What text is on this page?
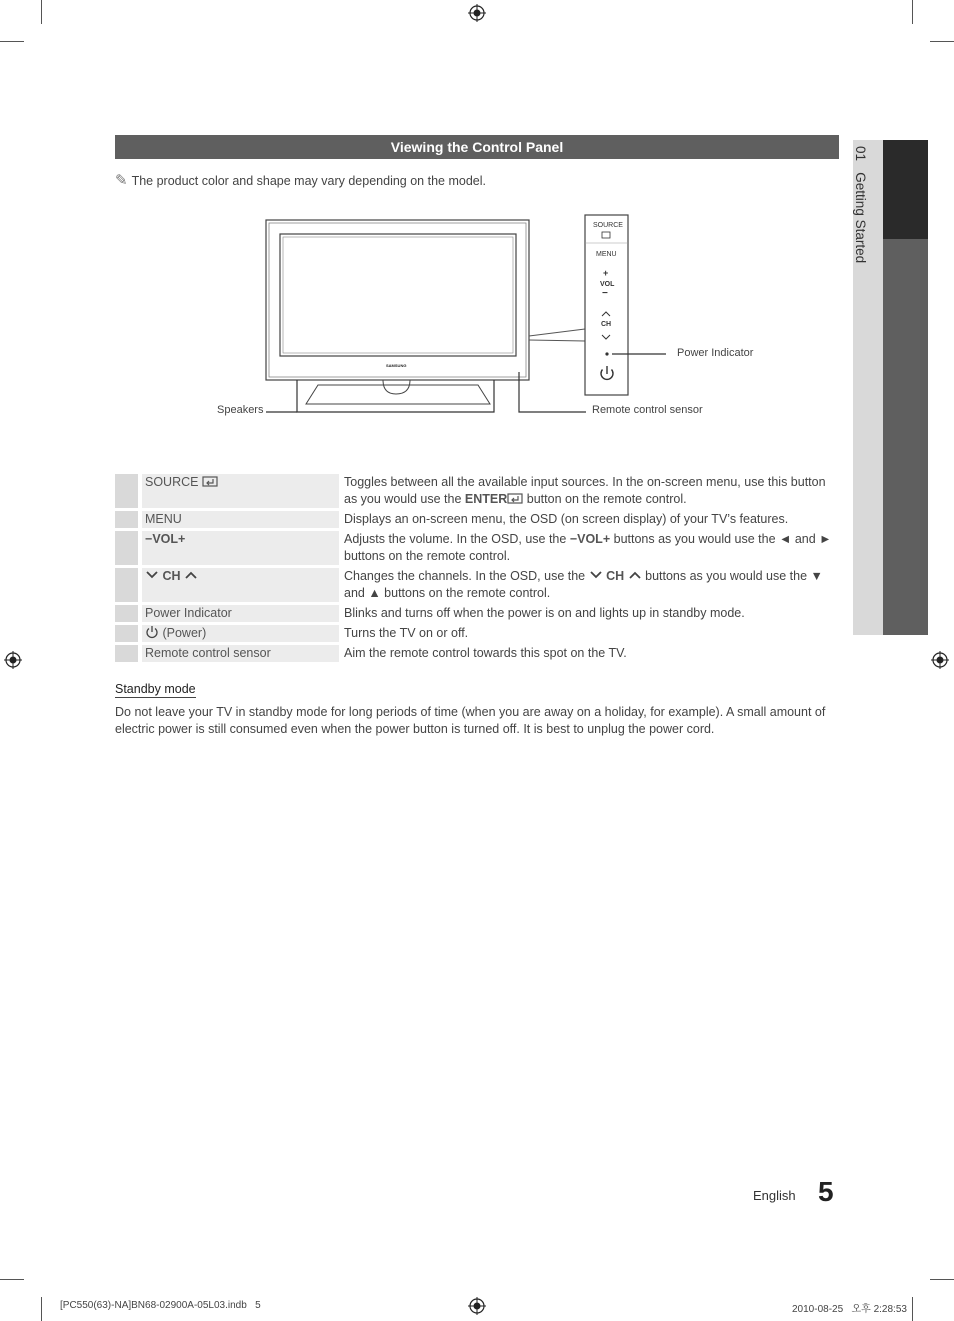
01   Getting Started
Viewing the Control Panel
✎ The product color and shape may vary depending on the model.
SAMSUNG
SOURCE
MENU
+
VOL
−
CH
Power Indicator
Speakers	Remote control sensor
	SOURCE	Toggles between all the available input sources. In the on-screen menu, use this button as you would use the ENTER button on the remote control.
	MENU	Displays an on-screen menu, the OSD (on screen display) of your TV’s features.
	−VOL+	Adjusts the volume. In the OSD, use the −VOL+ buttons as you would use the ◄ and ► buttons on the remote control.
	CH	Changes the channels. In the OSD, use the  CH  buttons as you would use the ▼ and ▲ buttons on the remote control.
	Power Indicator	Blinks and turns off when the power is on and lights up in standby mode.
	(Power)	Turns the TV on or off.
	Remote control sensor	Aim the remote control towards this spot on the TV.
Standby mode
Do not leave your TV in standby mode for long periods of time (when you are away on a holiday, for example). A small amount of electric power is still consumed even when the power button is turned off. It is best to unplug the power cord.
English 5
[PC550(63)-NA]BN68-02900A-05L03.indb   5	2010-08-25   오후 2:28:53
